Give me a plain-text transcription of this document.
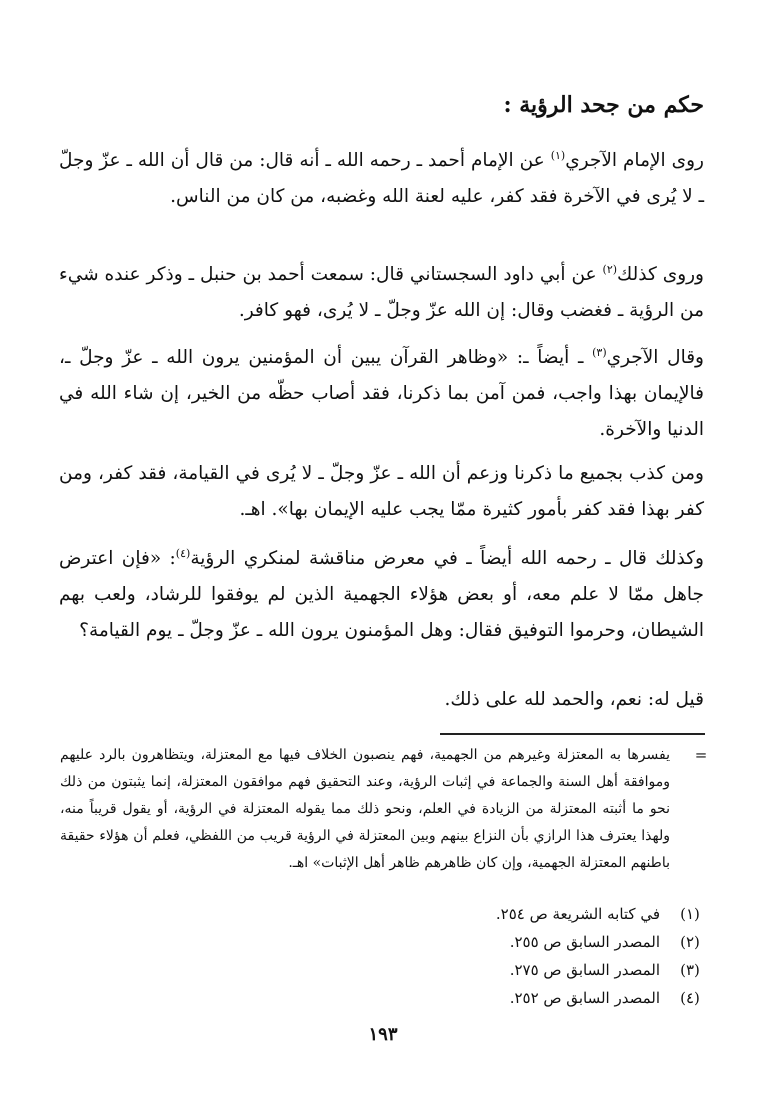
حكم من جحد الرؤية :

روى الإمام الآجري$^{(١)}$ عن الإمام أحمد ـ رحمه الله ـ أنه قال: من قال أن الله ـ عزّ وجلّ ـ لا يُرى في الآخرة فقد كفر، عليه لعنة الله وغضبه، من كان من الناس.

وروى كذلك$^{(٢)}$ عن أبي داود السجستاني قال: سمعت أحمد بن حنبل ـ وذكر عنده شيء من الرؤية ـ فغضب وقال: إن الله عزّ وجلّ ـ لا يُرى، فهو كافر.

وقال الآجري$^{(٣)}$ ـ أيضاً ـ: «وظاهر القرآن يبين أن المؤمنين يرون الله ـ عزّ وجلّ ـ، فالإيمان بهذا واجب، فمن آمن بما ذكرنا، فقد أصاب حظّه من الخير، إن شاء الله في الدنيا والآخرة.

ومن كذب بجميع ما ذكرنا وزعم أن الله ـ عزّ وجلّ ـ لا يُرى في القيامة، فقد كفر، ومن كفر بهذا فقد كفر بأمور كثيرة ممّا يجب عليه الإيمان بها». اهـ.

وكذلك قال ـ رحمه الله أيضاً ـ في معرض مناقشة لمنكري الرؤية$^{(٤)}$: «فإن اعترض جاهل ممّا لا علم معه، أو بعض هؤلاء الجهمية الذين لم يوفقوا للرشاد، ولعب بهم الشيطان، وحرموا التوفيق فقال: وهل المؤمنون يرون الله ـ عزّ وجلّ ـ يوم القيامة؟

قيل له: نعم، والحمد لله على ذلك.

=

يفسرها به المعتزلة وغيرهم من الجهمية، فهم ينصبون الخلاف فيها مع المعتزلة، ويتظاهرون بالرد عليهم وموافقة أهل السنة والجماعة في إثبات الرؤية، وعند التحقيق فهم موافقون المعتزلة، إنما يثبتون من ذلك نحو ما أثبته المعتزلة من الزيادة في العلم، ونحو ذلك مما يقوله المعتزلة في الرؤية، أو يقول قريباً منه، ولهذا يعترف هذا الرازي بأن النزاع بينهم وبين المعتزلة في الرؤية قريب من اللفظي، فعلم أن هؤلاء حقيقة باطنهم المعتزلة الجهمية، وإن كان ظاهرهم ظاهر أهل الإثبات» اهـ.

(١)
في كتابه الشريعة ص ٢٥٤.
(٢)
المصدر السابق ص ٢٥٥.
(٣)
المصدر السابق ص ٢٧٥.
(٤)
المصدر السابق ص ٢٥٢.
١٩٣
